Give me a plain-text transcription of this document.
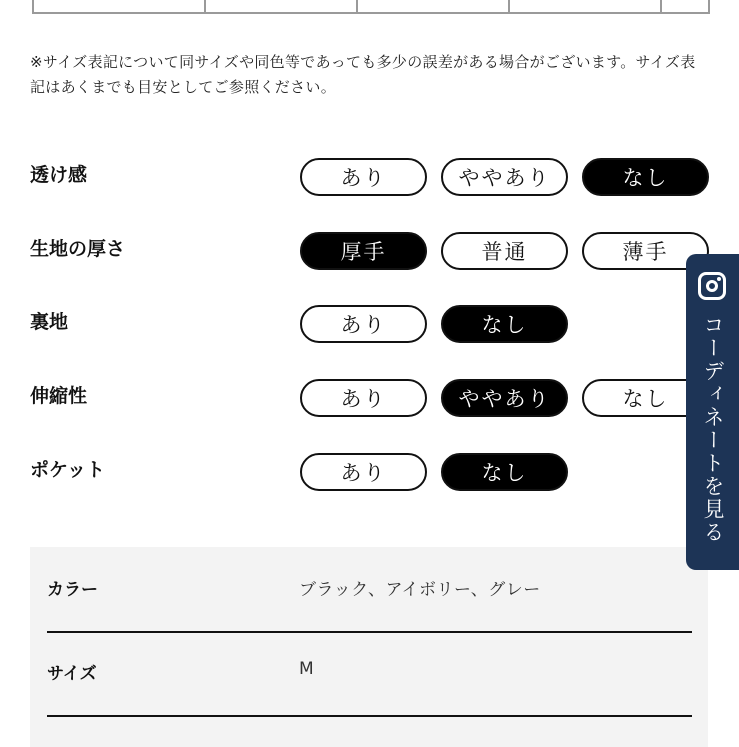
※サイズ表記について同サイズや同色等であっても多少の誤差がある場合がございます。サイズ表記はあくまでも目安としてご参照ください。
透け感	あり	ややあり	なし
生地の厚さ	厚手	普通	薄手
裏地	あり	なし
伸縮性	あり	ややあり	なし
ポケット	あり	なし
カラー	ブラック、アイボリー、グレー
サイズ	M
コーディネートを見る
